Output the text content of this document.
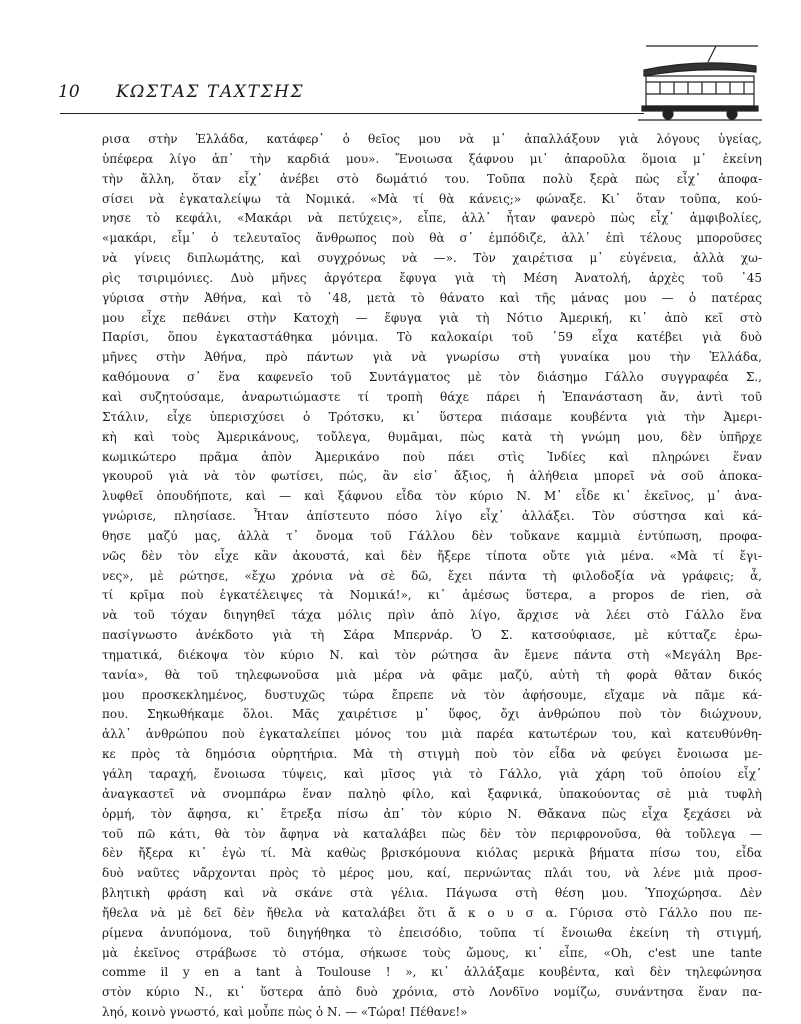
10 ΚΩΣΤΑΣ ΤΑΧΤΣΗΣ
ρισα στὴν Ἑλλάδα, κατάφερ᾽ ὁ θεῖος μου νὰ μ᾽ ἀπαλλάξουν γιὰ λόγους ὑγείας,
ὑπέφερα λίγο ἀπ᾽ τὴν καρδιά μου». Ἔνοιωσα ξάφνου μι᾽ ἀπαροῦλα ὅμοια μ᾽ ἐκείνη
τὴν ἄλλη, ὅταν εἶχ᾽ ἀνέβει στὸ δωμάτιό του. Τοῦπα πολὺ ξερὰ πὼς εἶχ᾽ ἀποφα-
σίσει νὰ ἐγκαταλείψω τὰ Νομικά. «Μὰ τί θὰ κάνεις;» φώναξε. Κι᾽ ὅταν τοῦπα, κού-
νησε τὸ κεφάλι, «Μακάρι νὰ πετύχεις», εἶπε, ἀλλ᾽ ἦταν φανερὸ πὼς εἶχ᾽ ἀμφιβολίες,
«μακάρι, εἶμ᾽ ὁ τελευταῖος ἄνθρωπος ποὺ θὰ σ᾽ ἐμπόδιζε, ἀλλ᾽ ἐπὶ τέλους μποροῦσες
νὰ γίνεις διπλωμάτης, καὶ συγχρόνως νὰ —». Τὸν χαιρέτισα μ᾽ εὐγένεια, ἀλλὰ χω-
ρὶς τσιριμόνιες. Δυὸ μῆνες ἀργότερα ἔφυγα γιὰ τὴ Μέση Ἀνατολή, ἀρχὲς τοῦ ᾽45
γύρισα στὴν Ἀθήνα, καὶ τὸ ᾽48, μετὰ τὸ θάνατο καὶ τῆς μάνας μου — ὁ πατέρας
μου εἶχε πεθάνει στὴν Κατοχὴ — ἔφυγα γιὰ τὴ Νότιο Ἀμερική, κι᾽ ἀπὸ κεῖ στὸ
Παρίσι, ὅπου ἐγκαταστάθηκα μόνιμα. Τὸ καλοκαίρι τοῦ ᾽59 εἶχα κατέβει γιὰ δυὸ
μῆνες στὴν Ἀθήνα, πρὸ πάντων γιὰ νὰ γνωρίσω στὴ γυναίκα μου τὴν Ἑλλάδα,
καθόμουνα σ᾽ ἕνα καφενεῖο τοῦ Συντάγματος μὲ τὸν διάσημο Γάλλο συγγραφέα Σ.,
καὶ συζητούσαμε, ἀναρωτιώμαστε τί τροπὴ θάχε πάρει ἡ Ἐπανάσταση ἄν, ἀντὶ τοῦ
Στάλιν, εἶχε ὑπερισχύσει ὁ Τρότσκυ, κι᾽ ὕστερα πιάσαμε κουβέντα γιὰ τὴν Ἀμερι-
κὴ καὶ τοὺς Ἀμερικάνους, τοὔλεγα, θυμᾶμαι, πὼς κατὰ τὴ γνώμη μου, δὲν ὑπῆρχε
κωμικώτερο πρᾶμα ἀπὸν Ἀμερικάνο ποὺ πάει στὶς Ἰνδίες καὶ πληρώνει ἕναν
γκουροῦ γιὰ νὰ τὸν φωτίσει, πώς, ἂν εἰσ᾽ ἄξιος, ἡ ἀλήθεια μπορεῖ νὰ σοῦ ἀποκα-
λυφθεῖ ὁπουδήποτε, καὶ — καὶ ξάφνου εἶδα τὸν κύριο Ν. Μ᾽ εἶδε κι᾽ ἐκεῖνος, μ᾽ ἀνα-
γνώρισε, πλησίασε. Ἦταν ἀπίστευτο πόσο λίγο εἶχ᾽ ἀλλάξει. Τὸν σύστησα καὶ κά-
θησε μαζύ μας, ἀλλὰ τ᾽ ὄνομα τοῦ Γάλλου δὲν τοὔκανε καμμιὰ ἐντύπωση, προφα-
νῶς δὲν τὸν εἶχε κἂν ἀκουστά, καὶ δὲν ἤξερε τίποτα οὔτε γιὰ μένα. «Μὰ τί ἔγι-
νες», μὲ ρώτησε, «ἔχω χρόνια νὰ σὲ δῶ, ἔχει πάντα τὴ φιλοδοξία νὰ γράφεις; ἆ,
τί κρῖμα ποὺ ἐγκατέλειψες τὰ Νομικά!», κι᾽ ἀμέσως ὕστερα, a propos de rien, σὰ
νὰ τοῦ τόχαν διηγηθεῖ τάχα μόλις πρὶν ἀπὸ λίγο, ἄρχισε νὰ λέει στὸ Γάλλο ἕνα
πασίγνωστο ἀνέκδοτο γιὰ τὴ Σάρα Μπερνάρ. Ὁ Σ. κατσούφιασε, μὲ κύτταζε ἐρω-
τηματικά, διέκοψα τὸν κύριο Ν. καὶ τὸν ρώτησα ἂν ἔμενε πάντα στὴ «Μεγάλη Βρε-
τανία», θὰ τοῦ τηλεφωνοῦσα μιὰ μέρα νὰ φᾶμε μαζύ, αὐτὴ τὴ φορὰ θἄταν δικός
μου προσκεκλημένος, δυστυχῶς τώρα ἔπρεπε νὰ τὸν ἀφήσουμε, εἴχαμε νὰ πᾶμε κά-
που. Σηκωθήκαμε ὅλοι. Μᾶς χαιρέτισε μ᾽ ὕφος, ὄχι ἀνθρώπου ποὺ τὸν διώχνουν,
ἀλλ᾽ ἀνθρώπου ποὺ ἐγκαταλείπει μόνος του μιὰ παρέα κατωτέρων του, καὶ κατευθύνθη-
κε πρὸς τὰ δημόσια οὐρητήρια. Μὰ τὴ στιγμὴ ποὺ τὸν εἶδα νὰ φεύγει ἔνοιωσα με-
γάλη ταραχή, ἔνοιωσα τύψεις, καὶ μῖσος γιὰ τὸ Γάλλο, γιὰ χάρη τοῦ ὁποίου εἶχ᾽
ἀναγκαστεῖ νὰ σνομπάρω ἕναν παληὸ φίλο, καὶ ξαφνικά, ὑπακούοντας σὲ μιὰ τυφλὴ
ὁρμή, τὸν ἄφησα, κι᾽ ἔτρεξα πίσω ἀπ᾽ τὸν κύριο Ν. Θἄκανα πὼς εἶχα ξεχάσει νὰ
τοῦ πῶ κάτι, θὰ τὸν ἄφηνα νὰ καταλάβει πὼς δὲν τὸν περιφρονοῦσα, θὰ τοὔλεγα —
δὲν ἤξερα κι᾽ ἐγὼ τί. Μὰ καθὼς βρισκόμουνα κιόλας μερικὰ βήματα πίσω του, εἶδα
δυὸ ναῦτες νἄρχονται πρὸς τὸ μέρος μου, καί, περνώντας πλάι του, νὰ λένε μιὰ προσ-
βλητικὴ φράση καὶ νὰ σκάνε στὰ γέλια. Πάγωσα στὴ θέση μου. Ὑποχώρησα. Δὲν
ἤθελα νὰ μὲ δεῖ δὲν ἤθελα νὰ καταλάβει ὅτι ἄ κ ο υ σ α. Γύρισα στὸ Γάλλο που πε-
ρίμενα ἀνυπόμονα, τοῦ διηγήθηκα τὸ ἐπεισόδιο, τοῦπα τί ἔνοιωθα ἐκείνη τὴ στιγμή,
μὰ ἐκεῖνος στράβωσε τὸ στόμα, σήκωσε τοὺς ὤμους, κι᾽ εἶπε, «Oh, c'est une tante
comme il y en a tant à Toulouse ! », κι᾽ ἀλλάξαμε κουβέντα, καὶ δὲν τηλεφώνησα
στὸν κύριο Ν., κι᾽ ὕστερα ἀπὸ δυὸ χρόνια, στὸ Λονδῖνο νομίζω, συνάντησα ἕναν πα-
ληό, κοινὸ γνωστό, καὶ μοὖπε πὼς ὁ Ν. — «Τώρα! Πέθανε!»
